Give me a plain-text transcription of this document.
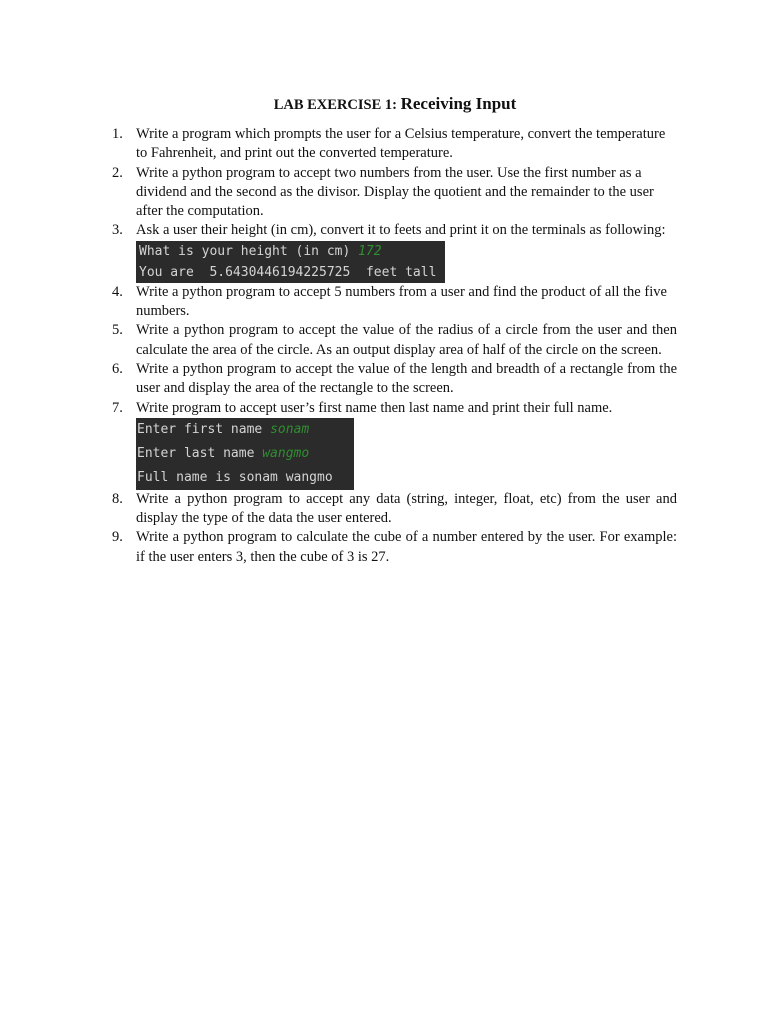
LAB EXERCISE 1: Receiving Input
1. Write a program which prompts the user for a Celsius temperature, convert the temperature to Fahrenheit, and print out the converted temperature.
2. Write a python program to accept two numbers from the user. Use the first number as a dividend and the second as the divisor. Display the quotient and the remainder to the user after the computation.
3. Ask a user their height (in cm), convert it to feets and print it on the terminals as following:
What is your height (in cm) 172
You are  5.6430446194225725  feet tall
4. Write a python program to accept 5 numbers from a user and find the product of all the five numbers.
5. Write a python program to accept the value of the radius of a circle from the user and then calculate the area of the circle. As an output display area of half of the circle on the screen.
6. Write a python program to accept the value of the length and breadth of a rectangle from the user and display the area of the rectangle to the screen.
7. Write program to accept user’s first name then last name and print their full name.
Enter first name sonam
Enter last name wangmo
Full name is sonam wangmo
8. Write a python program to accept any data (string, integer, float, etc) from the user and display the type of the data the user entered.
9. Write a python program to calculate the cube of a number entered by the user. For example: if the user enters 3, then the cube of 3 is 27.
